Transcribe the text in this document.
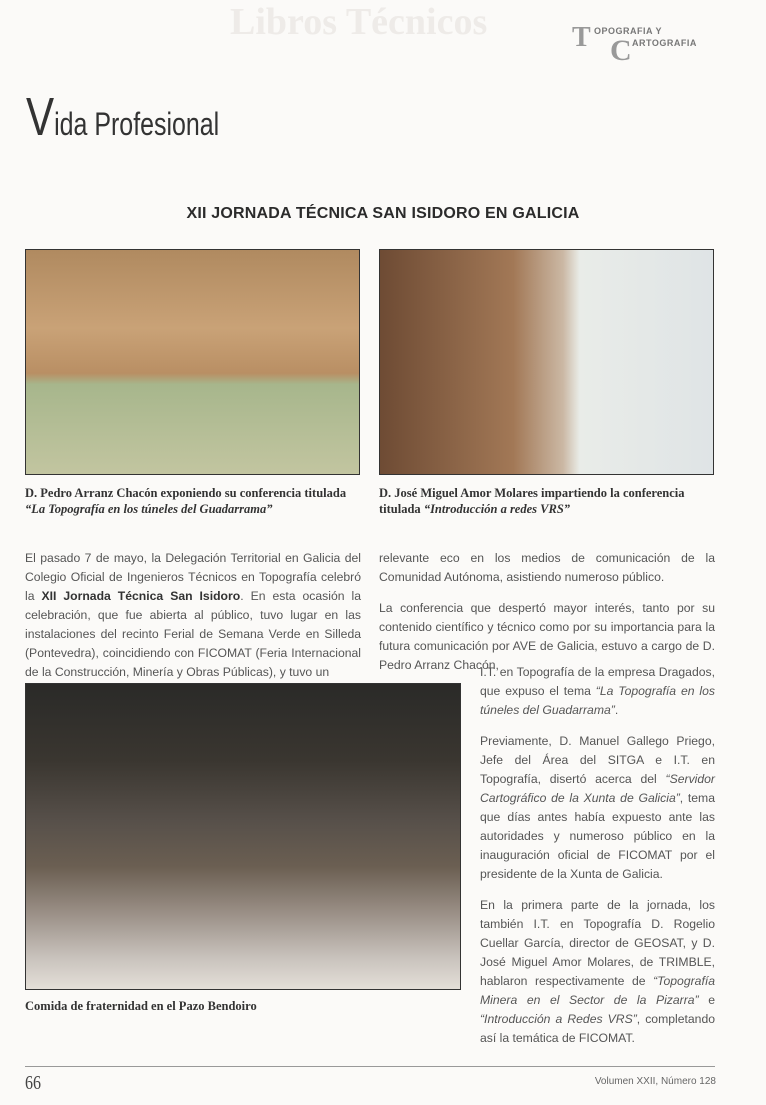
Libros Técnicos	T OPOGRAFIA Y
C ARTOGRAFIA
Vida Profesional
XII JORNADA TÉCNICA SAN ISIDORO EN GALICIA
D. Pedro Arranz Chacón exponiendo su conferencia titulada
“La Topografía en los túneles del Guadarrama”
D. José Miguel Amor Molares impartiendo la conferencia titulada “Introducción a redes VRS”

El pasado 7 de mayo, la Delegación Territorial en Galicia del Colegio Oficial de Ingenieros Técnicos en Topografía celebró la XII Jornada Técnica San Isidoro. En esta ocasión la celebración, que fue abierta al público, tuvo lugar en las instalaciones del recinto Ferial de Semana Verde en Silleda (Pontevedra), coincidiendo con FICOMAT (Feria Internacional de la Construcción, Minería y Obras Públicas), y tuvo un

Comida de fraternidad en el Pazo Bendoiro

relevante eco en los medios de comunicación de la Comunidad Autónoma, asistiendo numeroso público.

La conferencia que despertó mayor interés, tanto por su contenido científico y técnico como por su importancia para la futura comunicación por AVE de Galicia, estuvo a cargo de D. Pedro Arranz Chacón,

I.T. en Topografía de la empresa Dragados, que expuso el tema “La Topografía en los túneles del Guadarrama”.

Previamente, D. Manuel Gallego Priego, Jefe del Área del SITGA e I.T. en Topografía, disertó acerca del “Servidor Cartográfico de la Xunta de Galicia”, tema que días antes había expuesto ante las autoridades y numeroso público en la inauguración oficial de FICOMAT por el presidente de la Xunta de Galicia.

En la primera parte de la jornada, los también I.T. en Topografía D. Rogelio Cuellar García, director de GEOSAT, y D. José Miguel Amor Molares, de TRIMBLE, hablaron respectivamente de “Topografía Minera en el Sector de la Pizarra” e “Introducción a Redes VRS”, completando así la temática de FICOMAT.

66	Volumen XXII, Número 128
